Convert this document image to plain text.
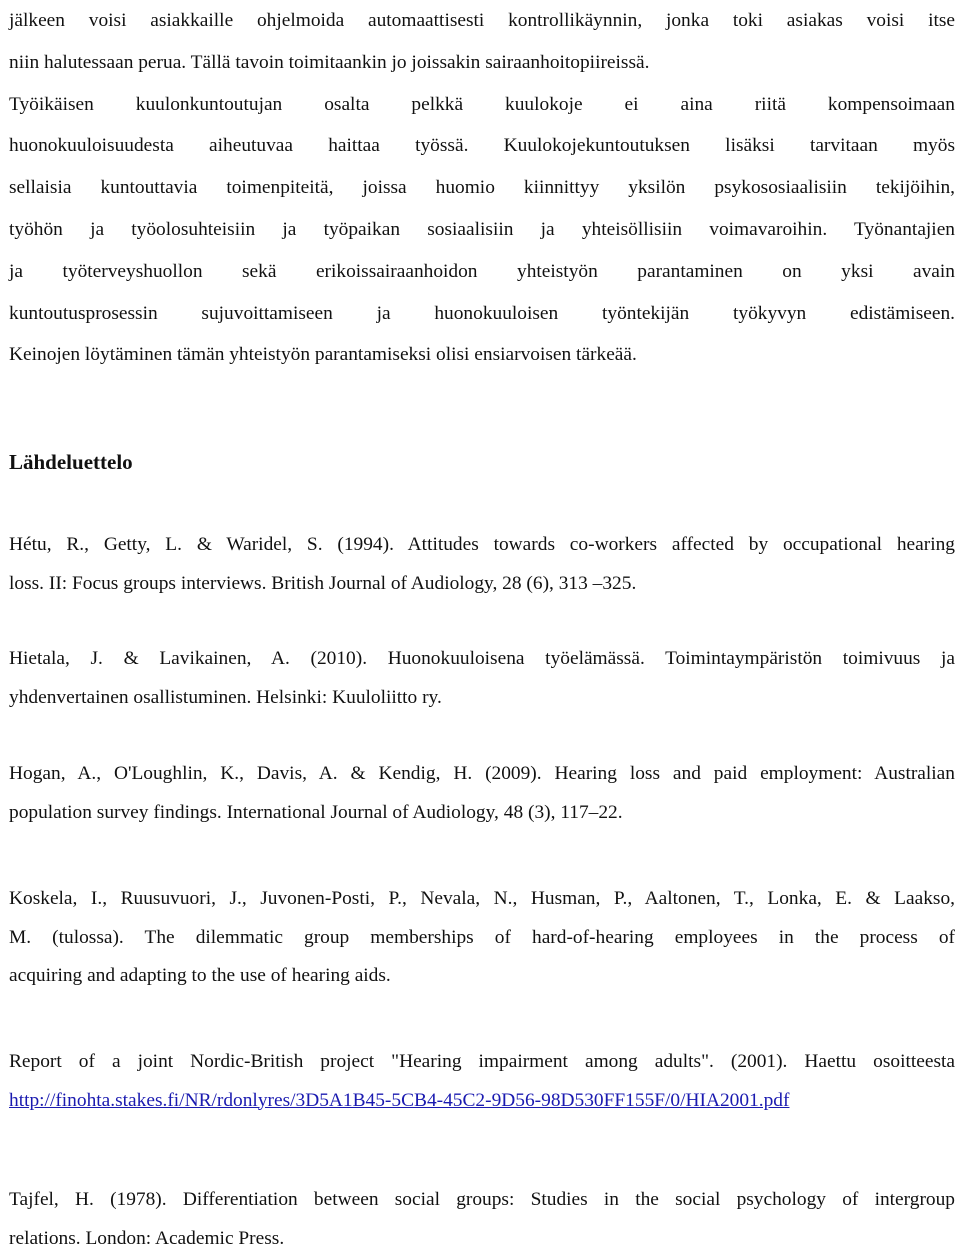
jälkeen voisi asiakkaille ohjelmoida automaattisesti kontrollikäynnin, jonka toki asiakas voisi itse
niin halutessaan perua. Tällä tavoin toimitaankin jo joissakin sairaanhoitopiireissä.
Työikäisen kuulonkuntoutujan osalta pelkkä kuulokoje ei aina riitä kompensoimaan
huonokuuloisuudesta aiheutuvaa haittaa työssä. Kuulokojekuntoutuksen lisäksi tarvitaan myös
sellaisia kuntouttavia toimenpiteitä, joissa huomio kiinnittyy yksilön psykososiaalisiin tekijöihin,
työhön ja työolosuhteisiin ja työpaikan sosiaalisiin ja yhteisöllisiin voimavaroihin. Työnantajien
ja työterveyshuollon sekä erikoissairaanhoidon yhteistyön parantaminen on yksi avain
kuntoutusprosessin sujuvoittamiseen ja huonokuuloisen työntekijän työkyvyn edistämiseen.
Keinojen löytäminen tämän yhteistyön parantamiseksi olisi ensiarvoisen tärkeää.
Lähdeluettelo
Hétu, R., Getty, L. & Waridel, S. (1994). Attitudes towards co-workers affected by occupational hearing
loss. II: Focus groups interviews. British Journal of Audiology, 28 (6), 313 –325.
Hietala, J. & Lavikainen, A. (2010). Huonokuuloisena työelämässä. Toimintaympäristön toimivuus ja
yhdenvertainen osallistuminen. Helsinki: Kuuloliitto ry.
Hogan, A., O'Loughlin, K., Davis, A. & Kendig, H. (2009). Hearing loss and paid employment: Australian
population survey findings. International Journal of Audiology, 48 (3), 117–22.
Koskela, I., Ruusuvuori, J., Juvonen-Posti, P., Nevala, N., Husman, P., Aaltonen, T., Lonka, E. & Laakso,
M. (tulossa). The dilemmatic group memberships of hard-of-hearing employees in the process of
acquiring and adapting to the use of hearing aids.
Report of a joint Nordic-British project "Hearing impairment among adults". (2001). Haettu osoitteesta
http://finohta.stakes.fi/NR/rdonlyres/3D5A1B45-5CB4-45C2-9D56-98D530FF155F/0/HIA2001.pdf
Tajfel, H. (1978). Differentiation between social groups: Studies in the social psychology of intergroup
relations. London: Academic Press.
